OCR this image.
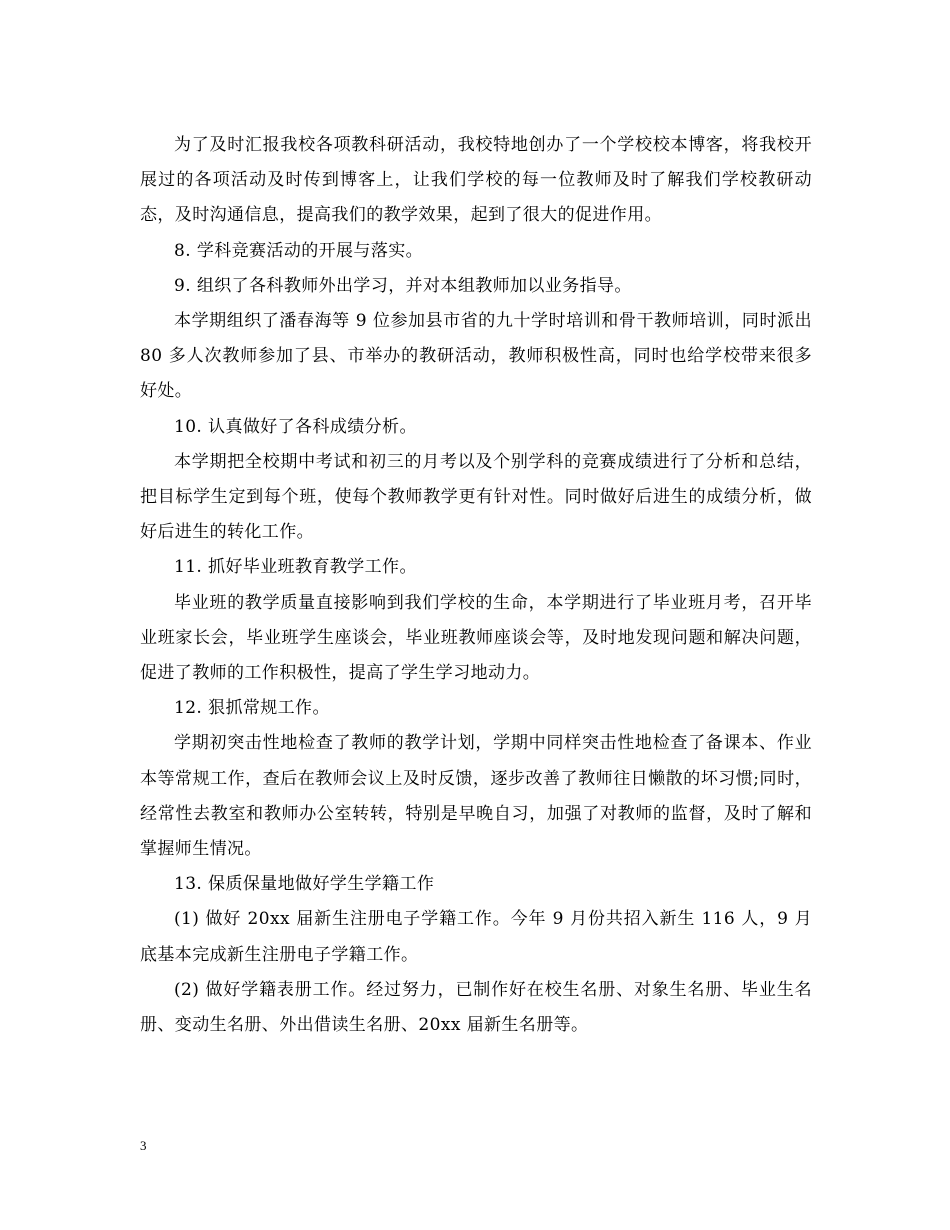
为了及时汇报我校各项教科研活动，我校特地创办了一个学校校本博客，将我校开展过的各项活动及时传到博客上，让我们学校的每一位教师及时了解我们学校教研动态，及时沟通信息，提高我们的教学效果，起到了很大的促进作用。

8. 学科竞赛活动的开展与落实。

9. 组织了各科教师外出学习，并对本组教师加以业务指导。

本学期组织了潘春海等 9 位参加县市省的九十学时培训和骨干教师培训，同时派出 80 多人次教师参加了县、市举办的教研活动，教师积极性高，同时也给学校带来很多好处。

10. 认真做好了各科成绩分析。

本学期把全校期中考试和初三的月考以及个别学科的竞赛成绩进行了分析和总结，把目标学生定到每个班，使每个教师教学更有针对性。同时做好后进生的成绩分析，做好后进生的转化工作。

11. 抓好毕业班教育教学工作。

毕业班的教学质量直接影响到我们学校的生命，本学期进行了毕业班月考，召开毕业班家长会，毕业班学生座谈会，毕业班教师座谈会等，及时地发现问题和解决问题，促进了教师的工作积极性，提高了学生学习地动力。

12. 狠抓常规工作。

学期初突击性地检查了教师的教学计划，学期中同样突击性地检查了备课本、作业本等常规工作，查后在教师会议上及时反馈，逐步改善了教师往日懒散的坏习惯;同时，经常性去教室和教师办公室转转，特别是早晚自习，加强了对教师的监督，及时了解和掌握师生情况。

13. 保质保量地做好学生学籍工作

(1) 做好 20xx 届新生注册电子学籍工作。今年 9 月份共招入新生 116 人，9 月底基本完成新生注册电子学籍工作。

(2) 做好学籍表册工作。经过努力，已制作好在校生名册、对象生名册、毕业生名册、变动生名册、外出借读生名册、20xx 届新生名册等。

3
